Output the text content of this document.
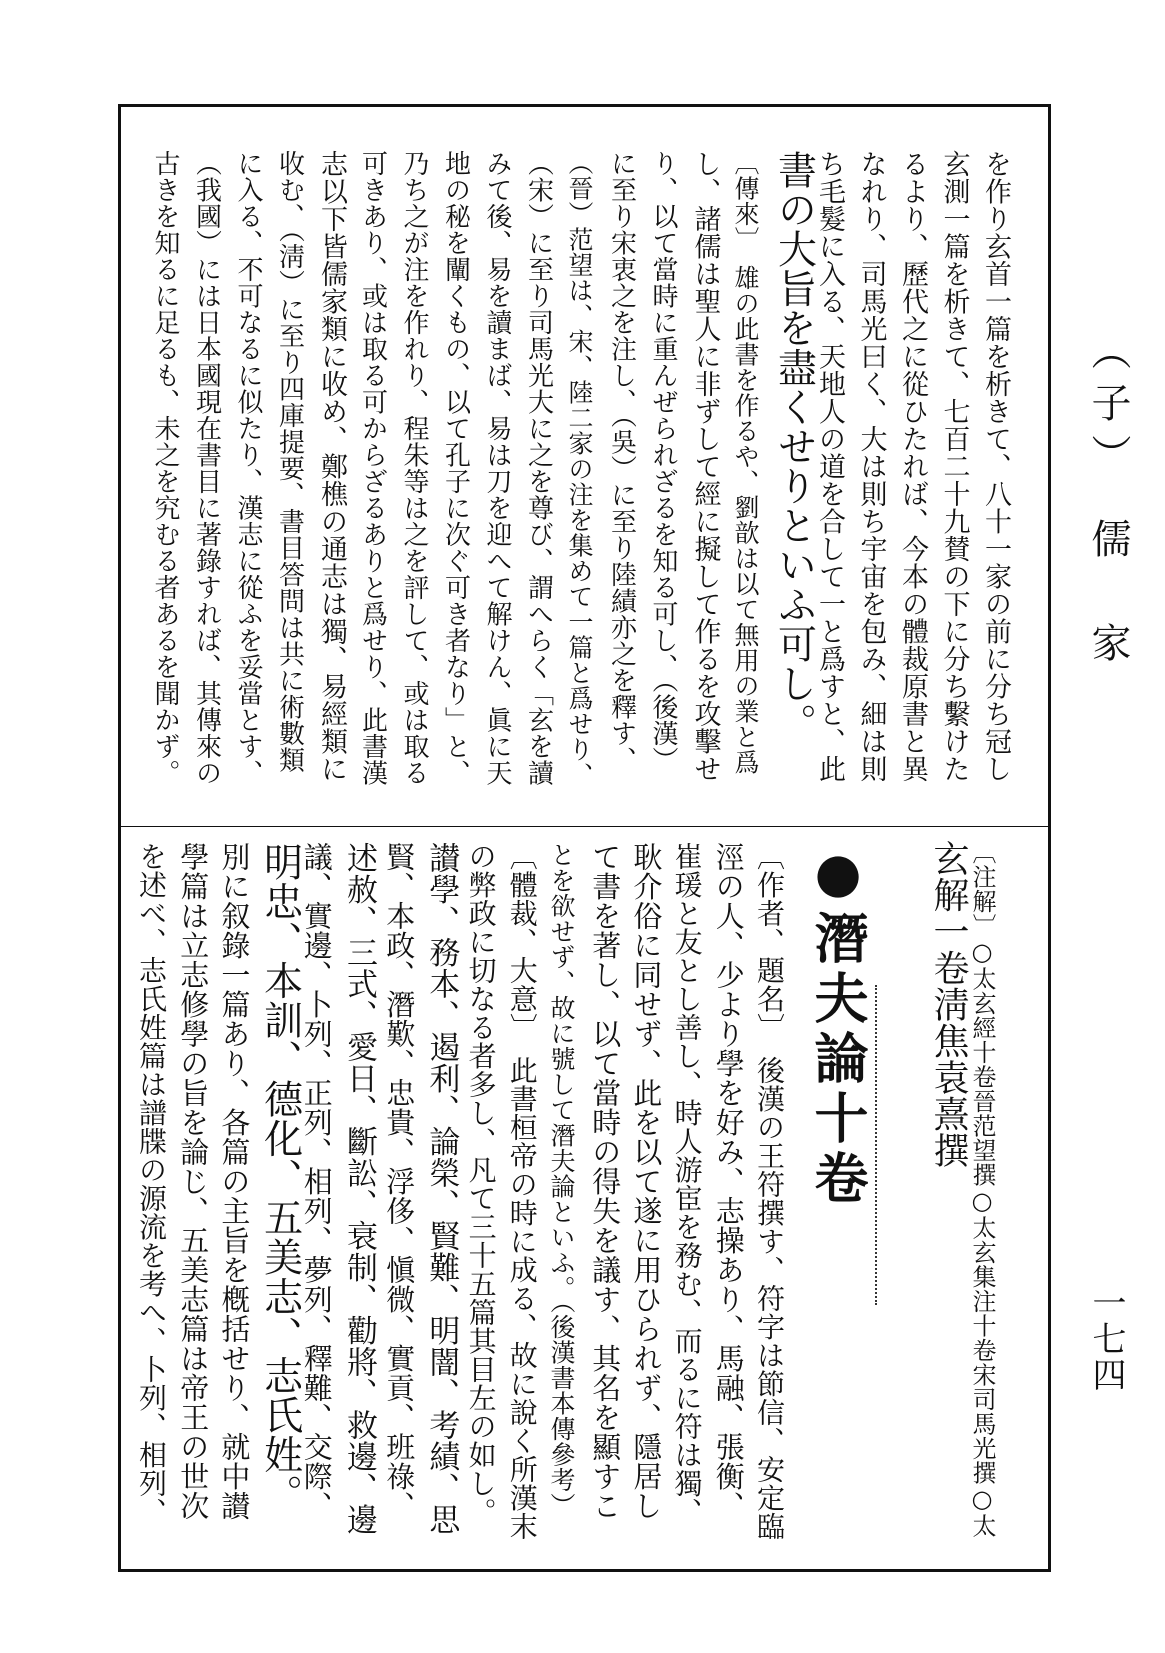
（子）　儒　家
一七四
を作り玄首一篇を析きて、八十一家の前に分ち冠し
玄測一篇を析きて、七百二十九賛の下に分ち繫けた
るより、歷代之に從ひたれば、今本の體裁原書と異
なれり、司馬光曰く、大は則ち宇宙を包み、細は則
ち毛髮に入る、天地人の道を合して一と爲すと、此
書の大旨を盡くせりといふ可し。
〔傳來〕　雄の此書を作るや、劉歆は以て無用の業と爲
し、諸儒は聖人に非ずして經に擬して作るを攻擊せ
り、以て當時に重んぜられざるを知る可し、（後漢）
に至り宋衷之を注し、（吳）に至り陸績亦之を釋す、
（晉）范望は、宋、陸二家の注を集めて一篇と爲せり、
（宋）に至り司馬光大に之を尊び、謂へらく「玄を讀
みて後、易を讀まば、易は刀を迎へて解けん、眞に天
地の秘を闡くもの、以て孔子に次ぐ可き者なり」と、
乃ち之が注を作れり、程朱等は之を評して、或は取る
可きあり、或は取る可からざるありと爲せり、此書漢
志以下皆儒家類に收め、鄭樵の通志は獨、易經類に
收む、（淸）に至り四庫提要、書目答問は共に術數類
に入る、不可なるに似たり、漢志に從ふを妥當とす、
（我國）には日本國現在書目に著錄すれば、其傳來の
古きを知るに足るも、未之を究むる者あるを聞かず。
〔注解〕○太玄經十卷晉范望撰○太玄集注十卷宋司馬光撰○太
玄解一卷淸焦袁熹撰
〔作者、題名〕　後漢の王符撰す、符字は節信、安定臨
涇の人、少より學を好み、志操あり、馬融、張衡、
崔瑗と友とし善し、時人游宦を務む、而るに符は獨、
耿介俗に同せず、此を以て遂に用ひられず、隱居し
て書を著し、以て當時の得失を議す、其名を顯すこ
とを欲せず、故に號して潛夫論といふ。（後漢書本傳參考）
〔體裁、大意〕　此書桓帝の時に成る、故に說く所漢末
の弊政に切なる者多し、凡て三十五篇其目左の如し。
讃學、務本、遏利、論榮、賢難、明闇、考績、思
賢、本政、潛歎、忠貴、浮侈、愼微、實貢、班祿、
述赦、三式、愛日、斷訟、衰制、勸將、救邊、邊
議、實邊、卜列、正列、相列、夢列、釋難、交際、
明忠、本訓、德化、五美志、志氏姓。
別に叙錄一篇あり、各篇の主旨を槪括せり、就中讃
學篇は立志修學の旨を論じ、五美志篇は帝王の世次
を述べ、志氏姓篇は譜牒の源流を考へ、卜列、相列、	●潛夫論十卷
